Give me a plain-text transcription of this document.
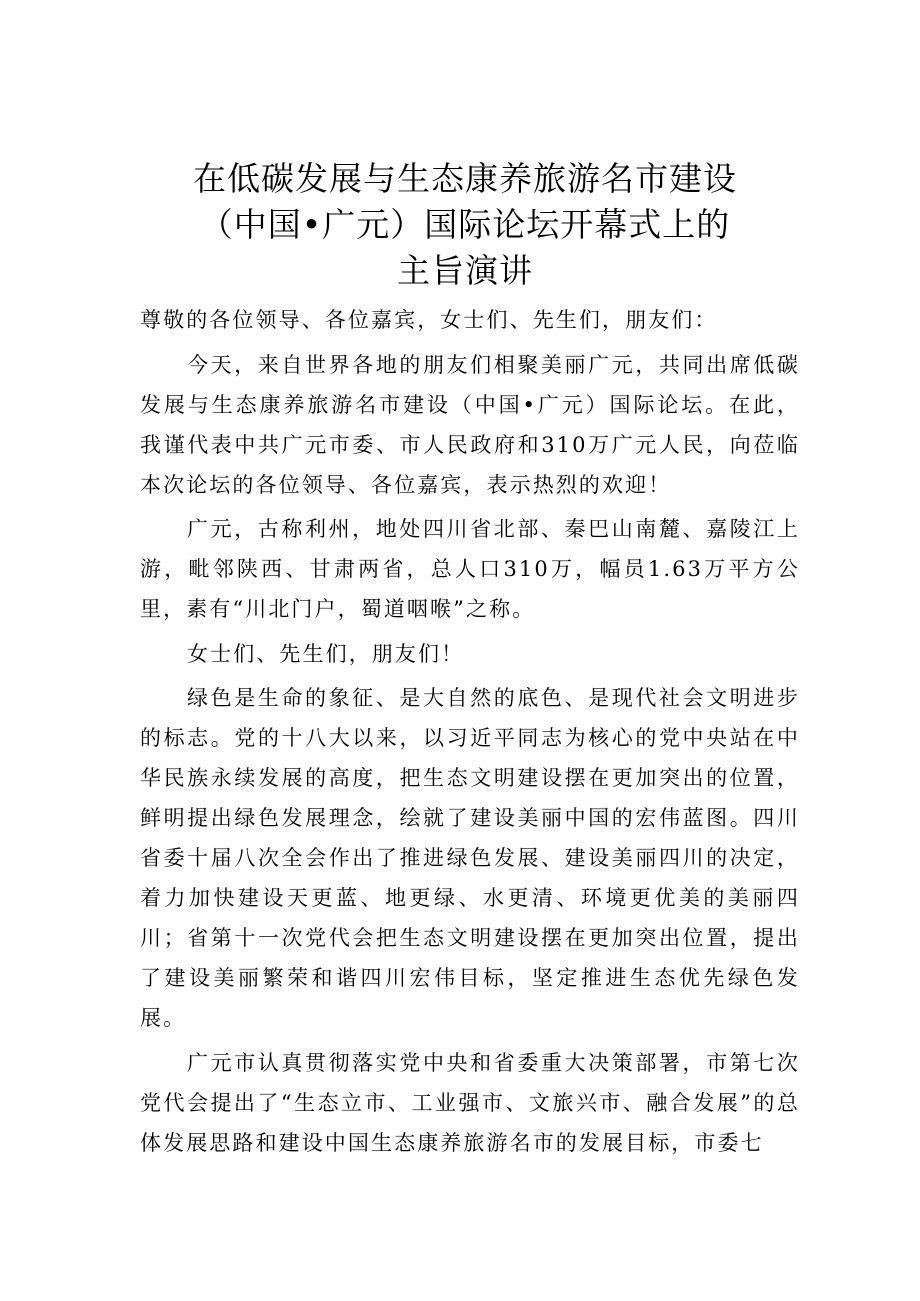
在低碳发展与生态康养旅游名市建设
（中国•广元）国际论坛开幕式上的
主旨演讲

尊敬的各位领导、各位嘉宾，女士们、先生们，朋友们：

今天，来自世界各地的朋友们相聚美丽广元，共同出席低碳发展与生态康养旅游名市建设（中国•广元）国际论坛。在此，我谨代表中共广元市委、市人民政府和310万广元人民，向莅临本次论坛的各位领导、各位嘉宾，表示热烈的欢迎！

广元，古称利州，地处四川省北部、秦巴山南麓、嘉陵江上游，毗邻陕西、甘肃两省，总人口310万，幅员1.63万平方公里，素有“川北门户，蜀道咽喉”之称。

女士们、先生们，朋友们！

绿色是生命的象征、是大自然的底色、是现代社会文明进步的标志。党的十八大以来，以习近平同志为核心的党中央站在中华民族永续发展的高度，把生态文明建设摆在更加突出的位置，鲜明提出绿色发展理念，绘就了建设美丽中国的宏伟蓝图。四川省委十届八次全会作出了推进绿色发展、建设美丽四川的决定，着力加快建设天更蓝、地更绿、水更清、环境更优美的美丽四川；省第十一次党代会把生态文明建设摆在更加突出位置，提出了建设美丽繁荣和谐四川宏伟目标，坚定推进生态优先绿色发展。

广元市认真贯彻落实党中央和省委重大决策部署，市第七次党代会提出了“生态立市、工业强市、文旅兴市、融合发展”的总体发展思路和建设中国生态康养旅游名市的发展目标，市委七
